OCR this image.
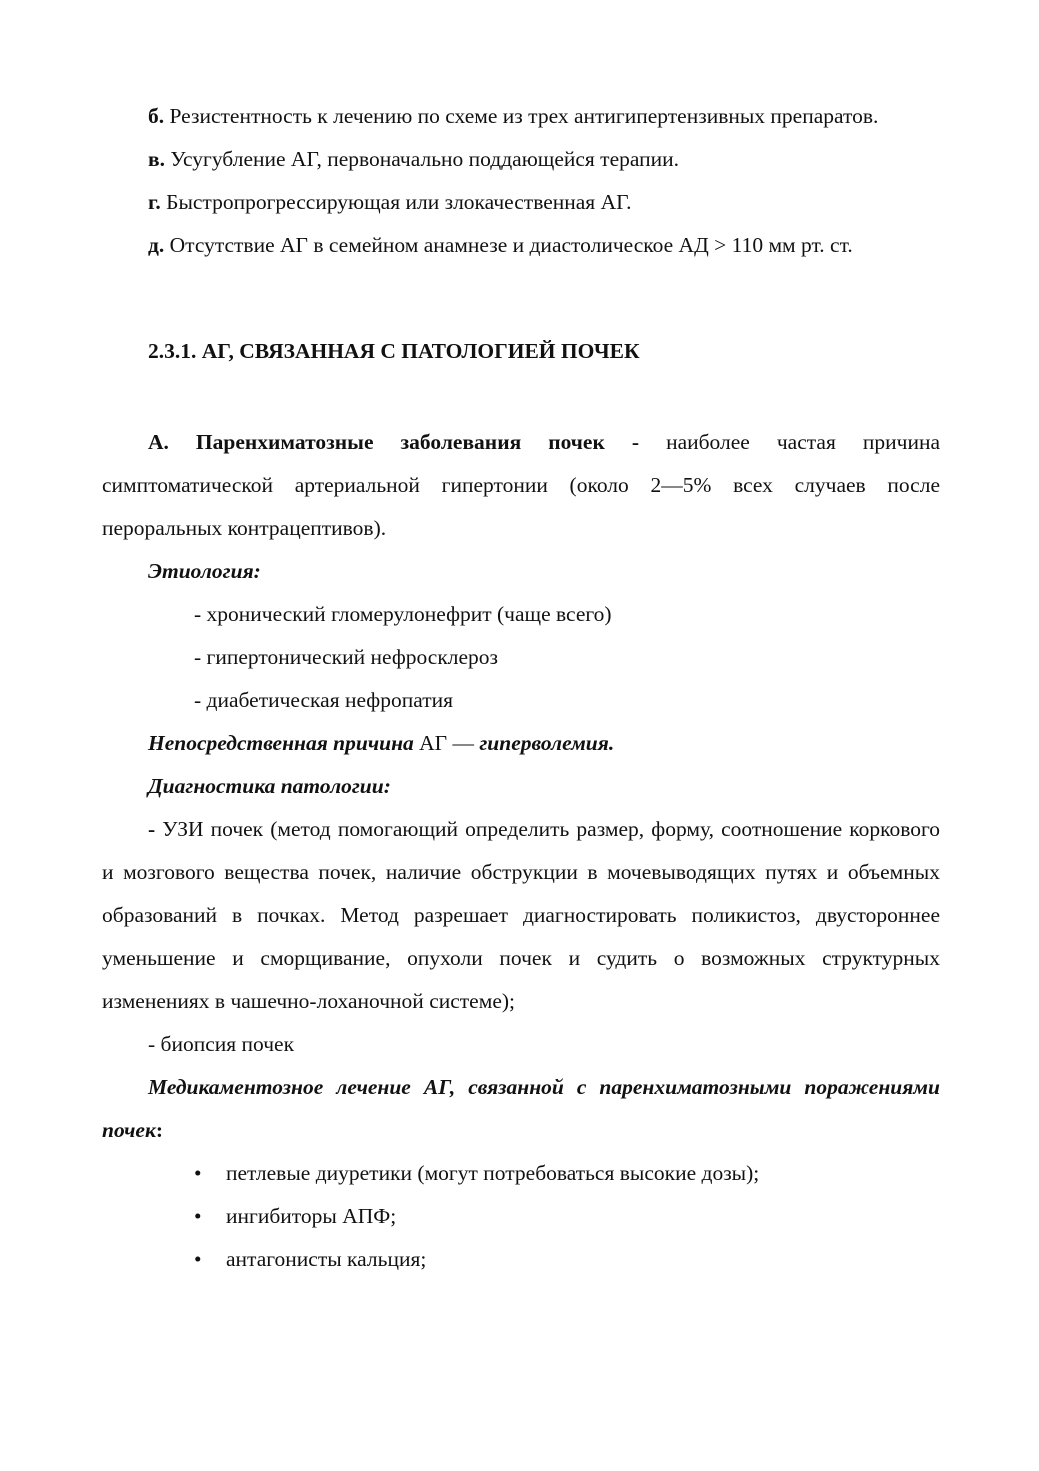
б. Резистентность к лечению по схеме из трех антигипертензивных препаратов.

в. Усугубление АГ, первоначально поддающейся терапии.

г. Быстропрогрессирующая или злокачественная АГ.

д. Отсутствие АГ в семейном анамнезе и диастолическое АД > 110 мм рт. ст.

2.3.1. АГ, СВЯЗАННАЯ С ПАТОЛОГИЕЙ ПОЧЕК

А. Паренхиматозные заболевания почек - наиболее частая причина симптоматической артериальной гипертонии (около 2—5% всех случаев после пероральных контрацептивов).

Этиология:

- хронический гломерулонефрит (чаще всего)

- гипертонический нефросклероз

- диабетическая нефропатия

Непосредственная причина АГ — гиперволемия.

Диагностика патологии:

- УЗИ почек (метод помогающий определить размер, форму, соотношение коркового и мозгового вещества почек, наличие обструкции в мочевыводящих путях и объемных образований в почках. Метод разрешает диагностировать поликистоз, двустороннее уменьшение и сморщивание, опухоли почек и судить о возможных структурных изменениях в чашечно-лоханочной системе);

- биопсия почек

Медикаментозное лечение АГ, связанной с паренхиматозными поражениями почек:

• петлевые диуретики (могут потребоваться высокие дозы);
• ингибиторы АПФ;
• антагонисты кальция;
